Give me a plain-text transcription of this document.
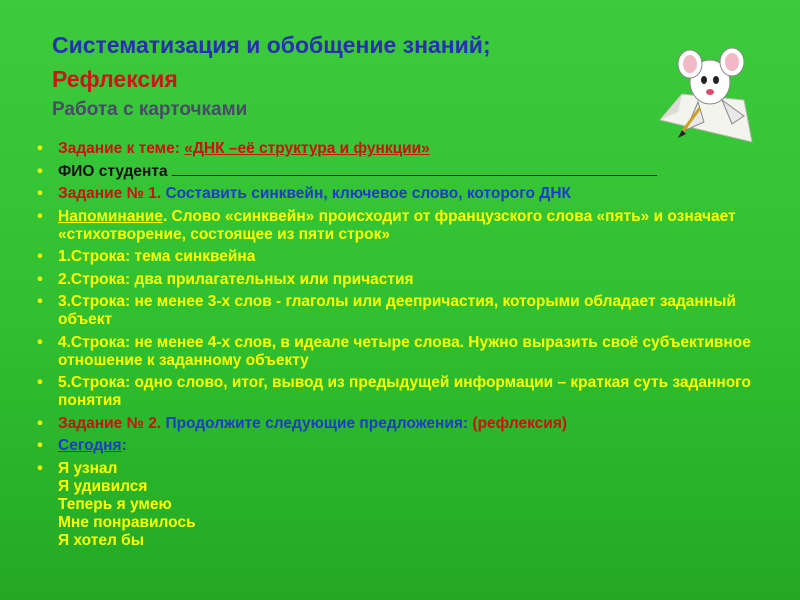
Систематизация и обобщение знаний;
Рефлексия
Работа с карточками
• Задание к теме: «ДНК –её структура и функции»
• ФИО студента
• Задание № 1. Составить синквейн, ключевое слово, которого ДНК
• Напоминание. Слово «синквейн» происходит от французского слова «пять» и означает «стихотворение, состоящее из пяти строк»
• 1.Строка: тема синквейна
• 2.Строка: два прилагательных или причастия
• 3.Строка: не менее 3-х слов - глаголы или деепричастия, которыми обладает заданный объект
• 4.Строка: не менее 4-х слов, в идеале четыре слова. Нужно выразить своё субъективное отношение к заданному объекту
• 5.Строка: одно слово, итог, вывод из предыдущей информации – краткая суть заданного понятия
• Задание № 2. Продолжите следующие предложения: (рефлексия)
• Сегодня:
• Я узнал
Я удивился
Теперь я умею
Мне понравилось
Я хотел бы
